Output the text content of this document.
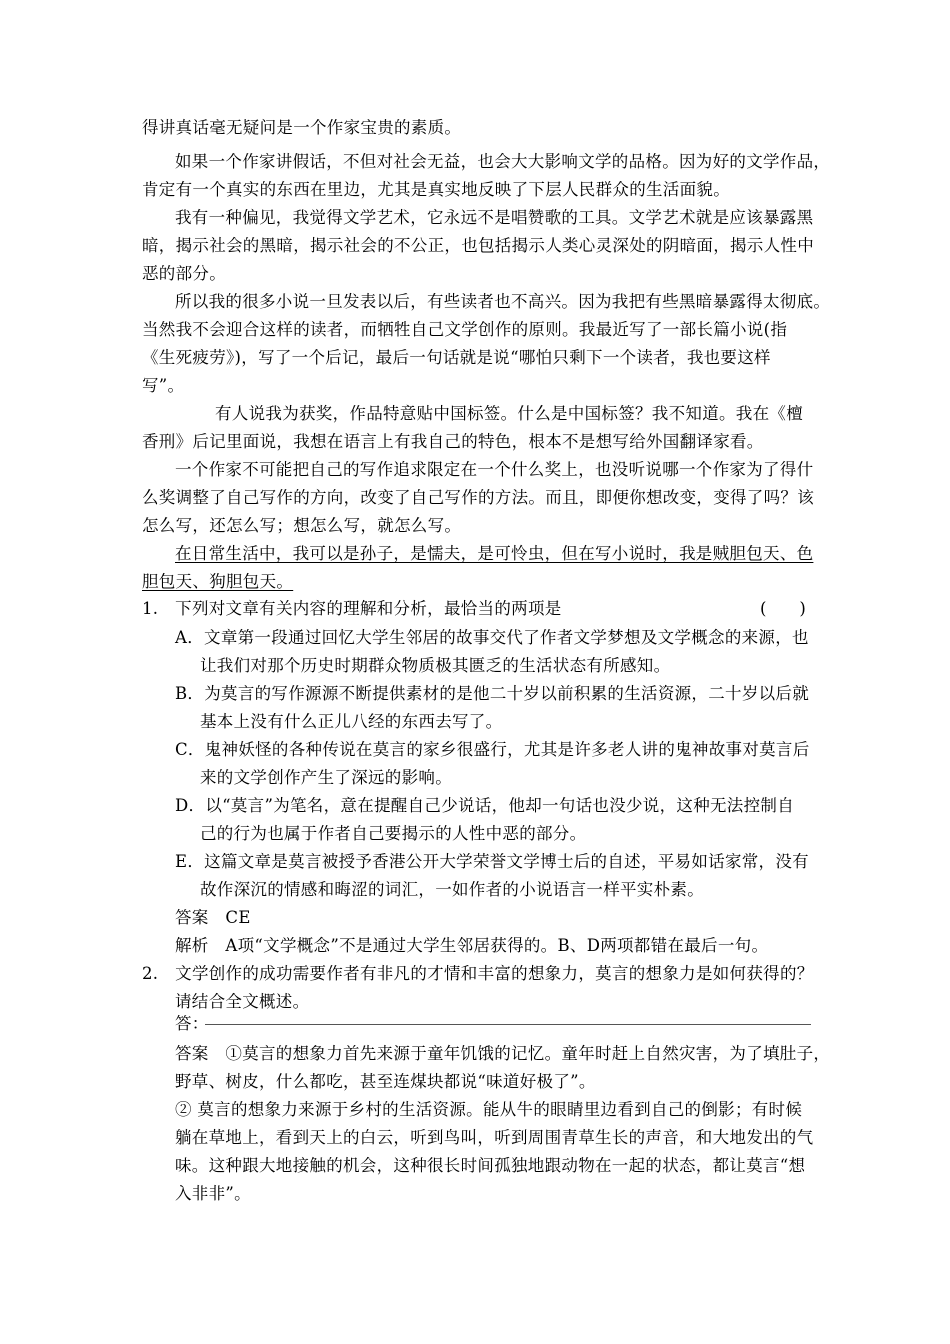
得讲真话毫无疑问是一个作家宝贵的素质。
如果一个作家讲假话，不但对社会无益，也会大大影响文学的品格。因为好的文学作品，
肯定有一个真实的东西在里边，尤其是真实地反映了下层人民群众的生活面貌。
我有一种偏见，我觉得文学艺术，它永远不是唱赞歌的工具。文学艺术就是应该暴露黑
暗，揭示社会的黑暗，揭示社会的不公正，也包括揭示人类心灵深处的阴暗面，揭示人性中
恶的部分。
所以我的很多小说一旦发表以后，有些读者也不高兴。因为我把有些黑暗暴露得太彻底。
当然我不会迎合这样的读者，而牺牲自己文学创作的原则。我最近写了一部长篇小说(指
《生死疲劳》)，写了一个后记，最后一句话就是说“哪怕只剩下一个读者，我也要这样
写”。
有人说我为获奖，作品特意贴中国标签。什么是中国标签？我不知道。我在《檀
香刑》后记里面说，我想在语言上有我自己的特色，根本不是想写给外国翻译家看。
一个作家不可能把自己的写作追求限定在一个什么奖上，也没听说哪一个作家为了得什
么奖调整了自己写作的方向，改变了自己写作的方法。而且，即便你想改变，变得了吗？该
怎么写，还怎么写；想怎么写，就怎么写。
在日常生活中，我可以是孙子，是懦夫，是可怜虫，但在写小说时，我是贼胆包天、色
胆包天、狗胆包天。
1.　下列对文章有关内容的理解和分析，最恰当的两项是	(　　)
A．文章第一段通过回忆大学生邻居的故事交代了作者文学梦想及文学概念的来源，也
让我们对那个历史时期群众物质极其匮乏的生活状态有所感知。
B．为莫言的写作源源不断提供素材的是他二十岁以前积累的生活资源，二十岁以后就
基本上没有什么正儿八经的东西去写了。
C．鬼神妖怪的各种传说在莫言的家乡很盛行，尤其是许多老人讲的鬼神故事对莫言后
来的文学创作产生了深远的影响。
D．以“莫言”为笔名，意在提醒自己少说话，他却一句话也没少说，这种无法控制自
己的行为也属于作者自己要揭示的人性中恶的部分。
E．这篇文章是莫言被授予香港公开大学荣誉文学博士后的自述，平易如话家常，没有
故作深沉的情感和晦涩的词汇，一如作者的小说语言一样平实朴素。
答案　CE
解析　A项“文学概念”不是通过大学生邻居获得的。B、D两项都错在最后一句。
2.　文学创作的成功需要作者有非凡的才情和丰富的想象力，莫言的想象力是如何获得的？
请结合全文概述。
答：
答案　①莫言的想象力首先来源于童年饥饿的记忆。童年时赶上自然灾害，为了填肚子，
野草、树皮，什么都吃，甚至连煤块都说“味道好极了”。
② 莫言的想象力来源于乡村的生活资源。能从牛的眼睛里边看到自己的倒影；有时候
躺在草地上，看到天上的白云，听到鸟叫，听到周围青草生长的声音，和大地发出的气
味。这种跟大地接触的机会，这种很长时间孤独地跟动物在一起的状态，都让莫言“想
入非非”。
